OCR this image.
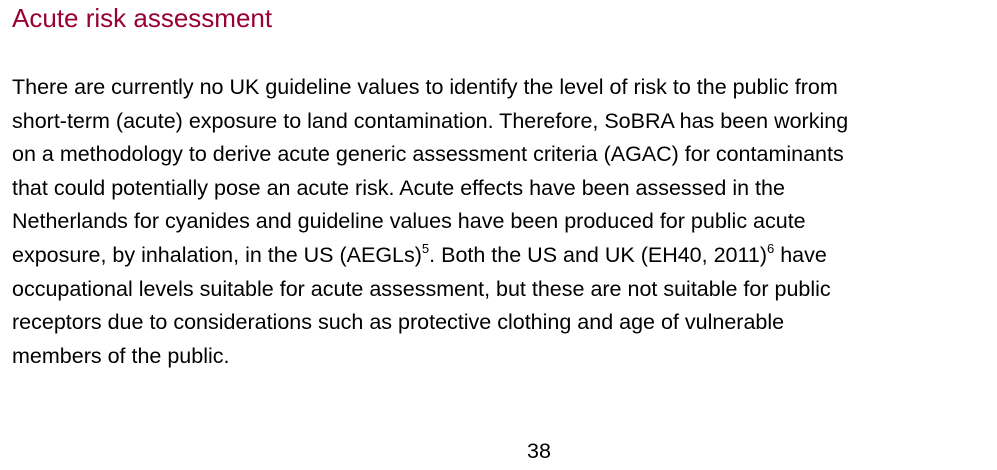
Acute risk assessment
There are currently no UK guideline values to identify the level of risk to the public from
short-term (acute) exposure to land contamination. Therefore, SoBRA has been working
on a methodology to derive acute generic assessment criteria (AGAC) for contaminants
that could potentially pose an acute risk. Acute effects have been assessed in the
Netherlands for cyanides and guideline values have been produced for public acute
exposure, by inhalation, in the US (AEGLs)$^5$. Both the US and UK (EH40, 2011)$^6$ have
occupational levels suitable for acute assessment, but these are not suitable for public
receptors due to considerations such as protective clothing and age of vulnerable
members of the public.
38
